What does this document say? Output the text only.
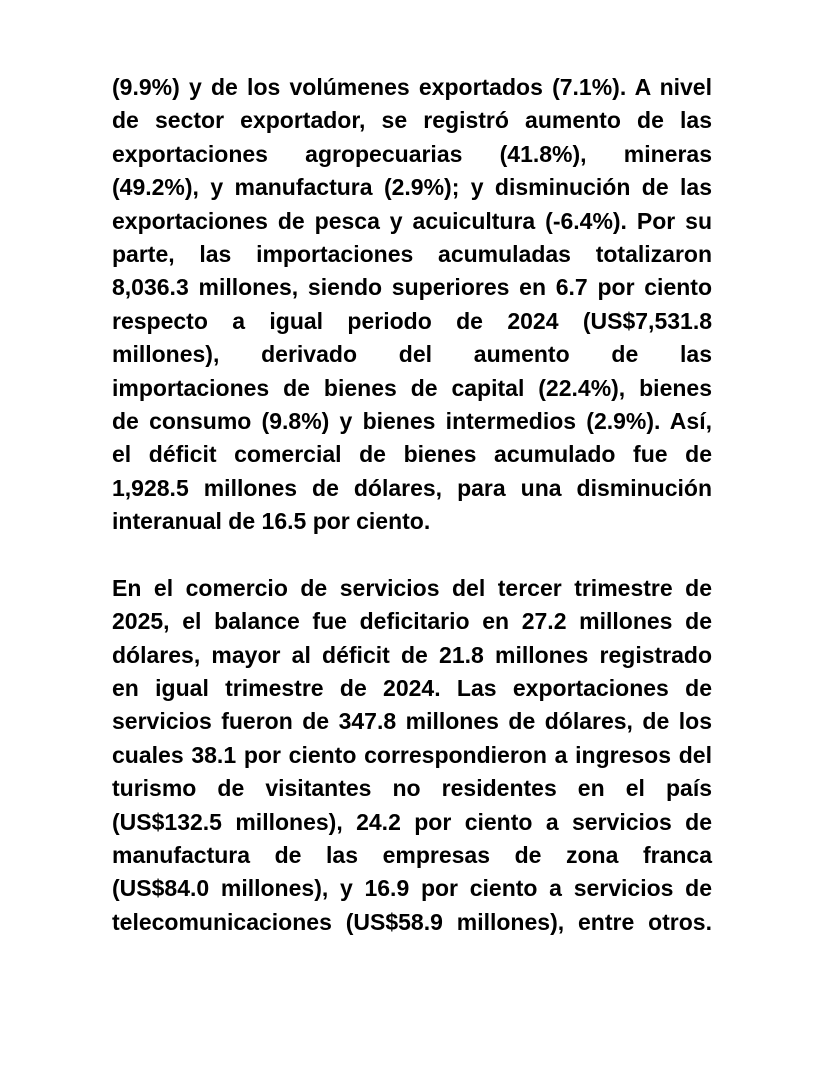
(9.9%) y de los volúmenes exportados (7.1%). A nivel
de sector exportador, se registró aumento de las
exportaciones agropecuarias (41.8%), mineras
(49.2%), y manufactura (2.9%); y disminución de las
exportaciones de pesca y acuicultura (-6.4%). Por su
parte, las importaciones acumuladas totalizaron
8,036.3 millones, siendo superiores en 6.7 por ciento
respecto a igual periodo de 2024 (US$7,531.8
millones), derivado del aumento de las
importaciones de bienes de capital (22.4%), bienes
de consumo (9.8%) y bienes intermedios (2.9%). Así,
el déficit comercial de bienes acumulado fue de
1,928.5 millones de dólares, para una disminución
interanual de 16.5 por ciento.
En el comercio de servicios del tercer trimestre de
2025, el balance fue deficitario en 27.2 millones de
dólares, mayor al déficit de 21.8 millones registrado
en igual trimestre de 2024. Las exportaciones de
servicios fueron de 347.8 millones de dólares, de los
cuales 38.1 por ciento correspondieron a ingresos del
turismo de visitantes no residentes en el país
(US$132.5 millones), 24.2 por ciento a servicios de
manufactura de las empresas de zona franca
(US$84.0 millones), y 16.9 por ciento a servicios de
telecomunicaciones (US$58.9 millones), entre otros.
